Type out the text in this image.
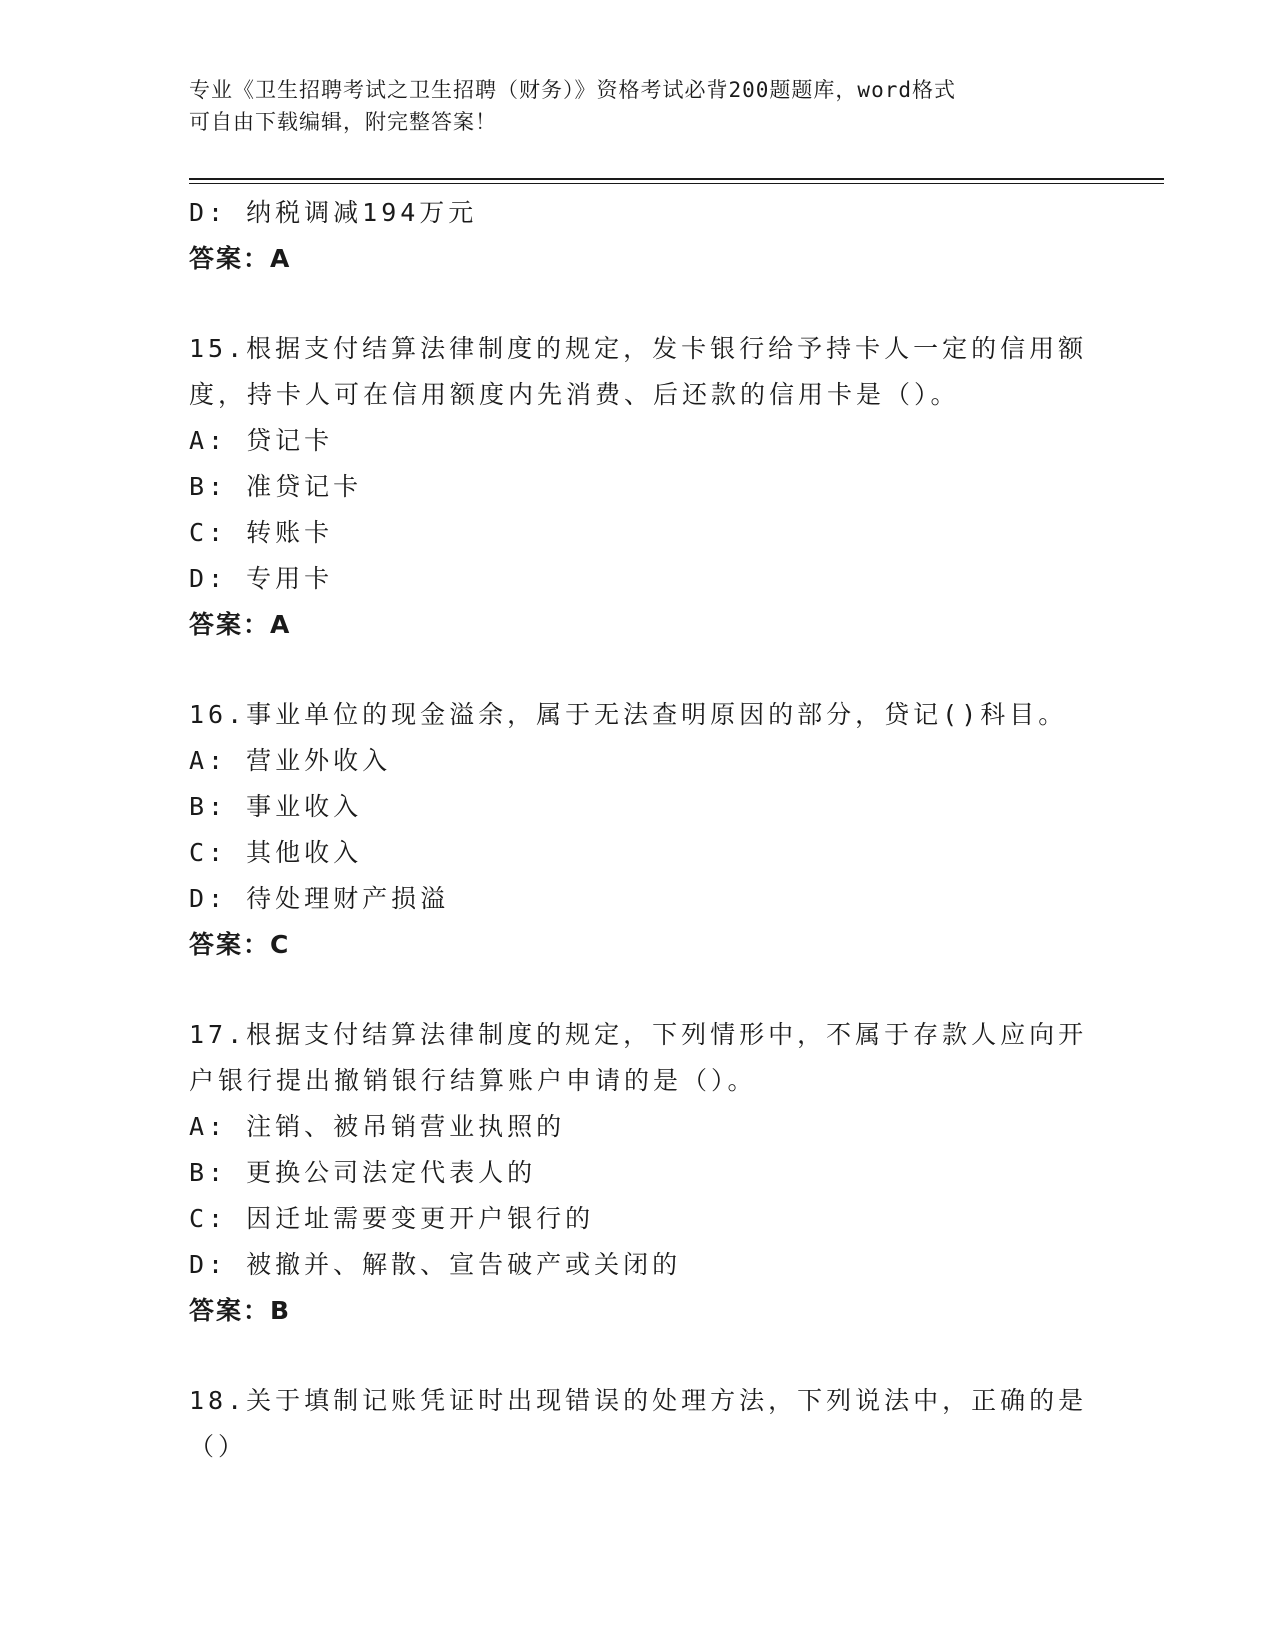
专业《卫生招聘考试之卫生招聘（财务）》资格考试必背200题题库，word格式
可自由下载编辑，附完整答案！
D: 纳税调减194万元
答案：A
15.根据支付结算法律制度的规定，发卡银行给予持卡人一定的信用额
度，持卡人可在信用额度内先消费、后还款的信用卡是（）。
A: 贷记卡
B: 准贷记卡
C: 转账卡
D: 专用卡
答案：A
16.事业单位的现金溢余，属于无法查明原因的部分，贷记()科目。
A: 营业外收入
B: 事业收入
C: 其他收入
D: 待处理财产损溢
答案：C
17.根据支付结算法律制度的规定，下列情形中，不属于存款人应向开
户银行提出撤销银行结算账户申请的是（）。
A: 注销、被吊销营业执照的
B: 更换公司法定代表人的
C: 因迁址需要变更开户银行的
D: 被撤并、解散、宣告破产或关闭的
答案：B
18.关于填制记账凭证时出现错误的处理方法，下列说法中，正确的是
（）
